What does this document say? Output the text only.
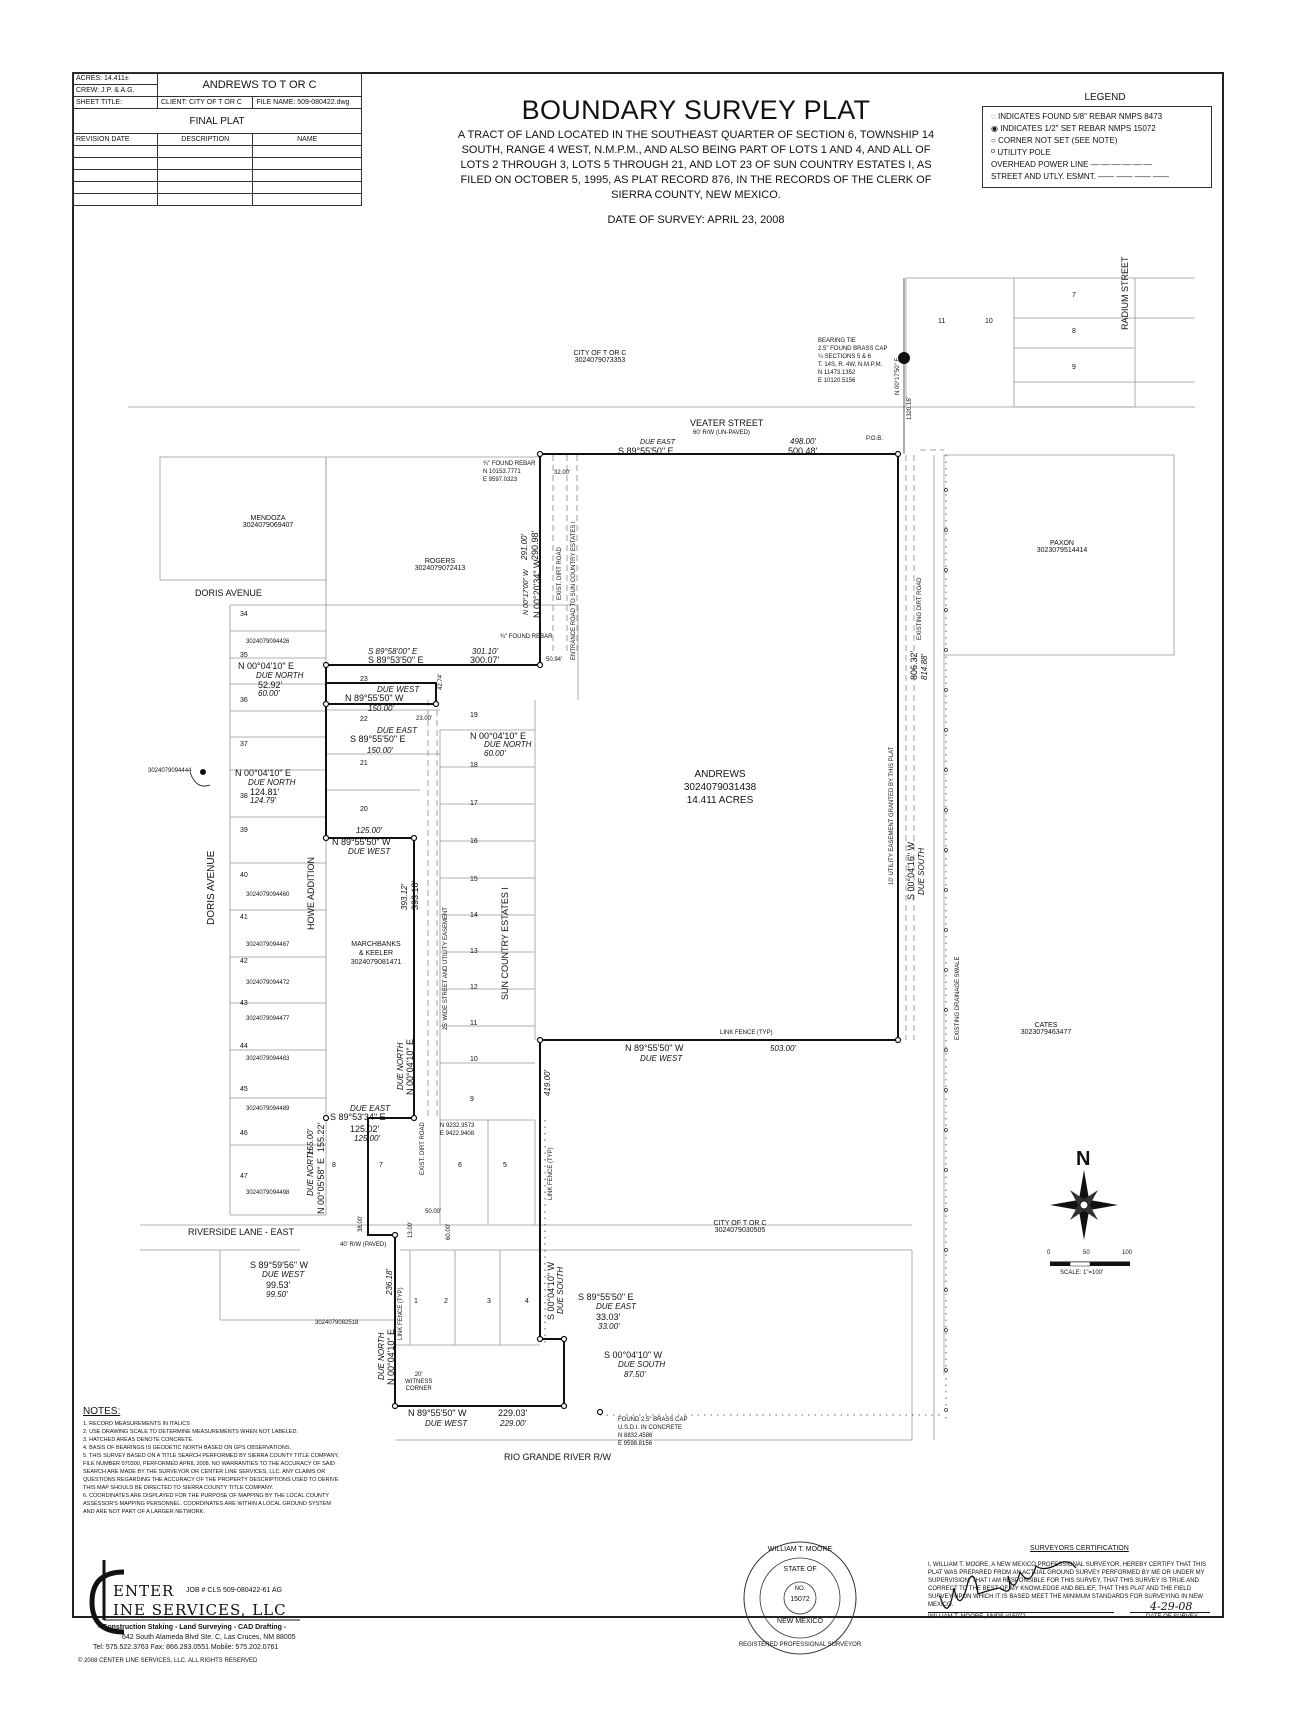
ACRES: 14.411±	ANDREWS TO T OR C	
CREW: J.P. & A.G.		
SHEET TITLE:	CLIENT: CITY OF T OR C	FILE NAME: 509-080422.dwg
FINAL PLAT		
REVISION DATE	DESCRIPTION	NAME

BOUNDARY SURVEY PLAT
A TRACT OF LAND LOCATED IN THE SOUTHEAST QUARTER OF SECTION 6, TOWNSHIP 14 SOUTH, RANGE 4 WEST, N.M.P.M., AND ALSO BEING PART OF LOTS 1 AND 4, AND ALL OF LOTS 2 THROUGH 3, LOTS 5 THROUGH 21, AND LOT 23 OF SUN COUNTRY ESTATES I, AS FILED ON OCTOBER 5, 1995, AS PLAT RECORD 876, IN THE RECORDS OF THE CLERK OF SIERRA COUNTY, NEW MEXICO.
DATE OF SURVEY: APRIL 23, 2008
LEGEND
◌ INDICATES FOUND 5/8" REBAR NMPS 8473
◉ INDICATES 1/2" SET REBAR NMPS 15072
○ CORNER NOT SET (SEE NOTE)
ᴼ UTILITY POLE
OVERHEAD POWER LINE —·—·—·—·—·—
STREET AND UTLY. ESMNT. —— —— —— ——
CITY OF T OR C
3024079073353
BEARING TIE
2.5" FOUND BRASS CAP
¼ SECTIONS 5 & 6
T. 14S, R. 4W, N.M.P.M.
N 11473.1352
E 10120.5156
11	10
7
8
9
RADIUM STREET
N 00°17'50" E
1320.16'
VEATER STREET
60' R/W (UN-PAVED)
DUE EAST
S 89°55'50" E
498.00'
500.48'
P.O.B.
¾" FOUND REBAR
N 10153.7771
E 9597.0323
32.00'
MENDOZA
3024079069407
ROGERS
3024079072413
PAXON
3023079514414
291.00' 290.98'
N 00°17'00" W N 00°20'34" W	EXIST. DIRT ROAD ENTRANCE ROAD TO SUN COUNTRY ESTATES I
¾" FOUND REBAR
50.94'
DORIS AVENUE
S 89°58'00" E
S 89°53'50" E
301.10'
300.07'
N 00°04'10" E
DUE NORTH
52.92'
60.00'	DUE WEST
N 89°55'50" W
150.00'
42.74'
23.00'
DUE EAST
S 89°55'50" E
150.00'
N 00°04'10" E
DUE NORTH
60.00'
3024079094444	N 00°04'10" E
DUE NORTH
124.81'
124.79'
125.00'
N 89°55'50" W
DUE WEST
DORIS AVENUE	HOWE ADDITION	SUN COUNTRY ESTATES I
25' WIDE STREET AND UTILITY EASEMENT
393.12' 393.10'
DUE NORTH N 00°04'10" E
MARCHBANKS
& KEELER
3024079081471
ANDREWS
3024079031438
14.411 ACRES	10' UTILITY EASEMENT GRANTED BY THIS PLAT
EXISTING DIRT ROAD
806.32' 814.88'
S 00°04'16" W DUE SOUTH
EXISTING DRAINAGE SWALE	CATES
3023079463477
LINK FENCE (TYP)
N 89°55'50" W
DUE WEST
503.00'
419.00'
DUE EAST
S 89°53'34" E
125.02'
125.00'
N 9232.3573
E 9422.9408
DUE NORTH N 00°05'58" E
155.00' 155.22'	EXIST. DIRT ROAD	LINK FENCE (TYP)
50.00'
38.00'	13.00'	60.00'
RIVERSIDE LANE - EAST
40' R/W (PAVED)
S 89°59'56" W
DUE WEST
99.53'
99.50'
3024079082518
236.18'
DUE NORTH N 00°04'10" E
LINK FENCE (TYP)
20'
WITNESS
CORNER
N 89°55'50" W
DUE WEST
229.03'
229.00'
RIO GRANDE RIVER R/W
S 89°55'50" E
DUE EAST
33.03'
33.00'
S 00°04'10" W
DUE SOUTH
87.50'
S 00°04'10" W DUE SOUTH
FOUND 2.5" BRASS CAP
U.S.D.I. IN CONCRETE
N 8832.4586
E 9598.8156
CITY OF T OR C
3024079030505
34
35
36
37
38
39
40
41
42
43
44
45
46
47
3024079094426
3024079094460
3024079094467
3024079094472
3024079094477
3024079094483
3024079094489
3024079094498
19
18
17
16
15
14
13
12
11
10
9
23
22
21
20
8	7	6	5
1	2	3	4
N
0	50	100
SCALE: 1"=100'
NOTES:
1. RECORD MEASUREMENTS IN ITALICS
2. USE DRAWING SCALE TO DETERMINE MEASUREMENTS WHEN NOT LABELED.
3. HATCHED AREAS DENOTE CONCRETE.
4. BASIS OF BEARINGS IS GEODETIC NORTH BASED ON GPS OBSERVATIONS.
5. THIS SURVEY BASED ON A TITLE SEARCH PERFORMED BY SIERRA COUNTY TITLE COMPANY, FILE NUMBER 070300, PERFORMED APRIL 2008. NO WARRANTIES TO THE ACCURACY OF SAID SEARCH ARE MADE BY THE SURVEYOR OR CENTER LINE SERVICES, LLC. ANY CLAIMS OR QUESTIONS REGARDING THE ACCURACY OF THE PROPERTY DESCRIPTIONS USED TO DERIVE THIS MAP SHOULD BE DIRECTED TO SIERRA COUNTY TITLE COMPANY.
6. COORDINATES ARE DISPLAYED FOR THE PURPOSE OF MAPPING BY THE LOCAL COUNTY ASSESSOR'S MAPPING PERSONNEL. COORDINATES ARE WITHIN A LOCAL GROUND SYSTEM AND ARE NOT PART OF A LARGER NETWORK.
ENTER JOB # CLS 509-080422-61 AG
INE SERVICES, LLC
- Construction Staking - Land Surveying - CAD Drafting -
642 South Alameda Blvd Ste. C, Las Cruces, NM 88005
Tel: 575.522.3763 Fax: 866.293.0551 Mobile: 575.202.0761
© 2008 CENTER LINE SERVICES, LLC. ALL RIGHTS RESERVED
WILLIAM T. MOORE
STATE OF
NO.
15072
NEW MEXICO
REGISTERED PROFESSIONAL SURVEYOR
SURVEYORS CERTIFICATION
I, WILLIAM T. MOORE, A NEW MEXICO PROFESSIONAL SURVEYOR, HEREBY CERTIFY THAT THIS PLAT WAS PREPARED FROM AN ACTUAL GROUND SURVEY PERFORMED BY ME OR UNDER MY SUPERVISION, THAT I AM RESPONSIBLE FOR THIS SURVEY, THAT THIS SURVEY IS TRUE AND CORRECT TO THE BEST OF MY KNOWLEDGE AND BELIEF, THAT THIS PLAT AND THE FIELD SURVEY UPON WHICH IT IS BASED MEET THE MINIMUM STANDARDS FOR SURVEYING IN NEW MEXICO.
WILLIAM T. MOORE, NMPS #15072
4-29-08
DATE OF SURVEY
